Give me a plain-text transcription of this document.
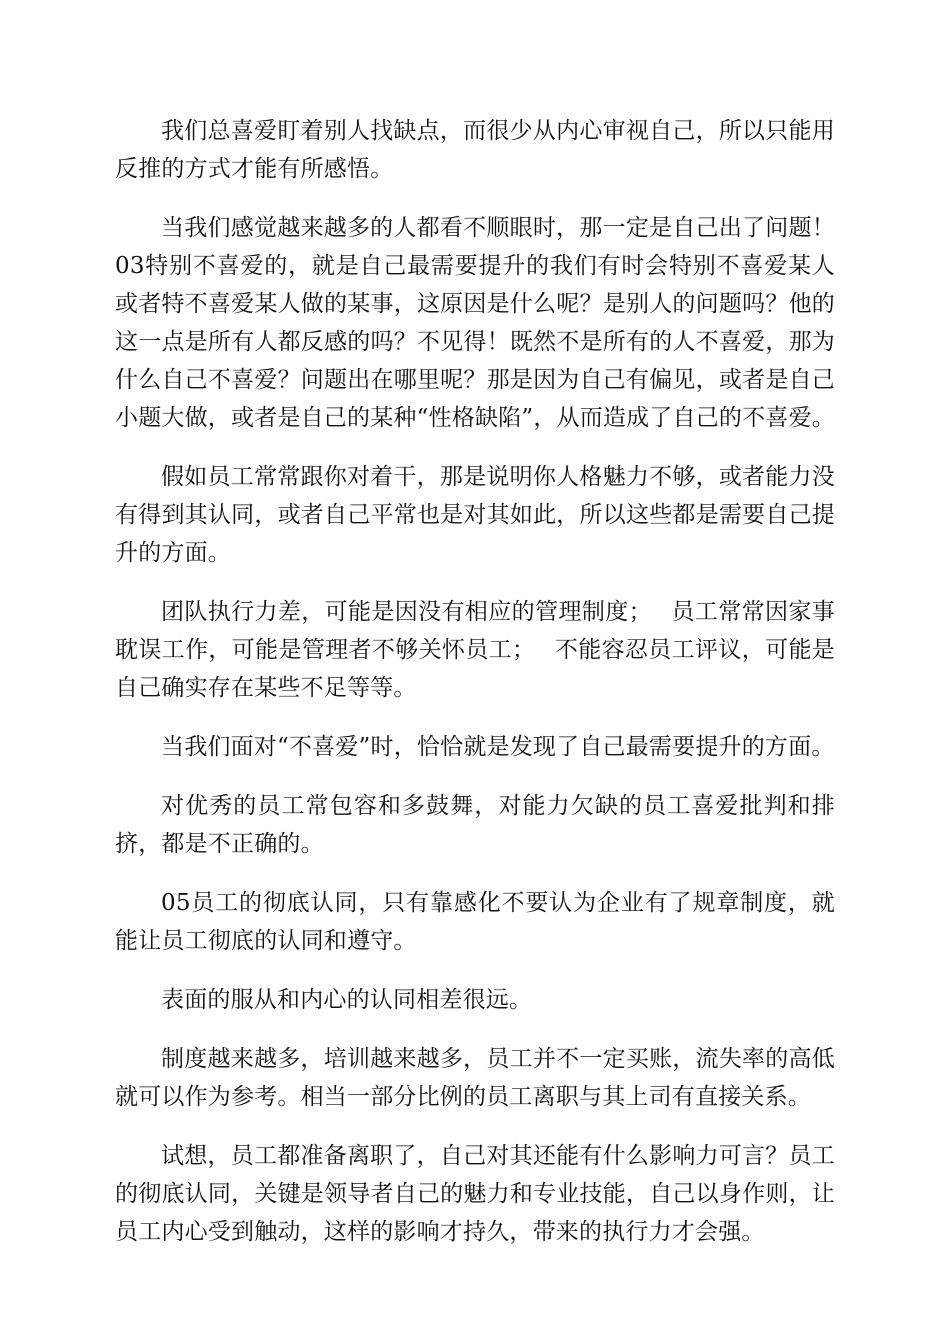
我们总喜爱盯着别人找缺点，而很少从内心审视自己，所以只能用反推的方式才能有所感悟。

当我们感觉越来越多的人都看不顺眼时，那一定是自己出了问题！03特别不喜爱的，就是自己最需要提升的我们有时会特别不喜爱某人或者特不喜爱某人做的某事，这原因是什么呢？是别人的问题吗？他的这一点是所有人都反感的吗？不见得！既然不是所有的人不喜爱，那为什么自己不喜爱？问题出在哪里呢？那是因为自己有偏见，或者是自己小题大做，或者是自己的某种“性格缺陷”，从而造成了自己的不喜爱。

假如员工常常跟你对着干，那是说明你人格魅力不够，或者能力没有得到其认同，或者自己平常也是对其如此，所以这些都是需要自己提升的方面。

团队执行力差，可能是因没有相应的管理制度；　 员工常常因家事耽误工作，可能是管理者不够关怀员工；　 不能容忍员工评议，可能是自己确实存在某些不足等等。

当我们面对“不喜爱”时，恰恰就是发现了自己最需要提升的方面。

对优秀的员工常包容和多鼓舞，对能力欠缺的员工喜爱批判和排挤，都是不正确的。

05员工的彻底认同，只有靠感化不要认为企业有了规章制度，就能让员工彻底的认同和遵守。

表面的服从和内心的认同相差很远。

制度越来越多，培训越来越多，员工并不一定买账，流失率的高低就可以作为参考。相当一部分比例的员工离职与其上司有直接关系。

试想，员工都准备离职了，自己对其还能有什么影响力可言？员工的彻底认同，关键是领导者自己的魅力和专业技能，自己以身作则，让员工内心受到触动，这样的影响才持久，带来的执行力才会强。
